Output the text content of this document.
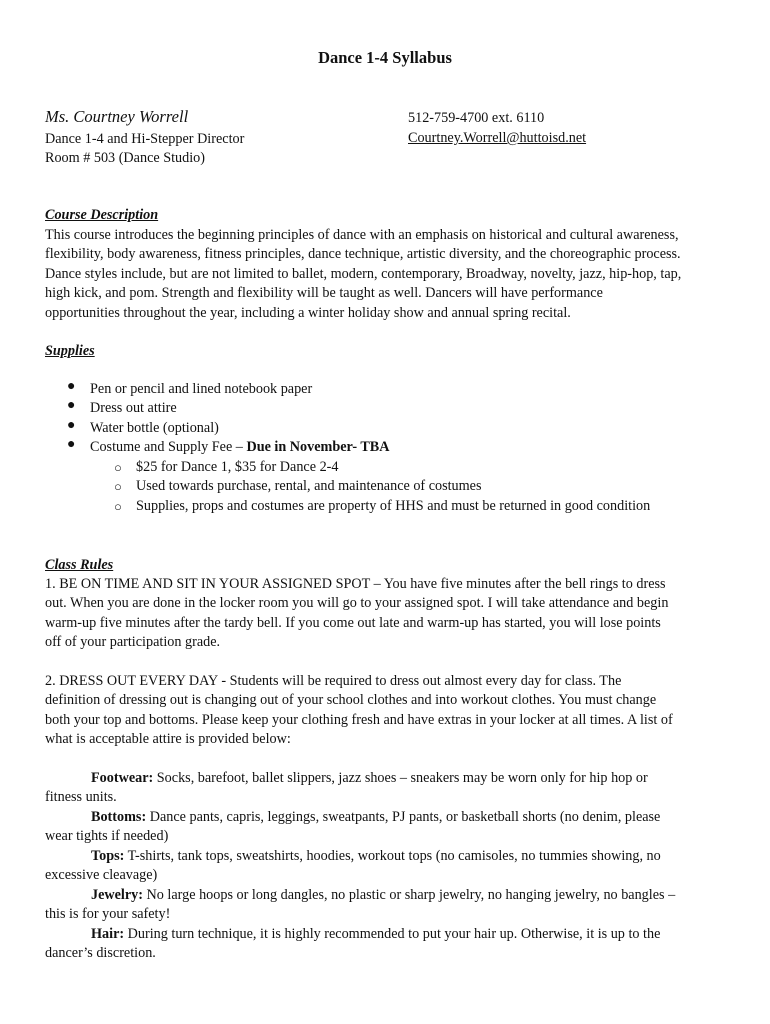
Dance 1-4 Syllabus
Ms. Courtney Worrell	512-759-4700 ext. 6110
Dance 1-4 and Hi-Stepper Director	Courtney.Worrell@huttoisd.net
Room # 503 (Dance Studio)
Course Description
This course introduces the beginning principles of dance with an emphasis on historical and cultural awareness,
flexibility, body awareness, fitness principles, dance technique, artistic diversity, and the choreographic process.
Dance styles include, but are not limited to ballet, modern, contemporary, Broadway, novelty, jazz, hip-hop, tap,
high kick, and pom. Strength and flexibility will be taught as well. Dancers will have performance
opportunities throughout the year, including a winter holiday show and annual spring recital.
Supplies
● Pen or pencil and lined notebook paper
● Dress out attire
● Water bottle (optional)
● Costume and Supply Fee – Due in November- TBA
○ $25 for Dance 1, $35 for Dance 2-4
○ Used towards purchase, rental, and maintenance of costumes
○ Supplies, props and costumes are property of HHS and must be returned in good condition
Class Rules
1. BE ON TIME AND SIT IN YOUR ASSIGNED SPOT – You have five minutes after the bell rings to dress
out. When you are done in the locker room you will go to your assigned spot. I will take attendance and begin
warm-up five minutes after the tardy bell. If you come out late and warm-up has started, you will lose points
off of your participation grade.
2. DRESS OUT EVERY DAY - Students will be required to dress out almost every day for class. The
definition of dressing out is changing out of your school clothes and into workout clothes. You must change
both your top and bottoms. Please keep your clothing fresh and have extras in your locker at all times. A list of
what is acceptable attire is provided below:
Footwear: Socks, barefoot, ballet slippers, jazz shoes – sneakers may be worn only for hip hop or
fitness units.
Bottoms: Dance pants, capris, leggings, sweatpants, PJ pants, or basketball shorts (no denim, please
wear tights if needed)
Tops: T-shirts, tank tops, sweatshirts, hoodies, workout tops (no camisoles, no tummies showing, no
excessive cleavage)
Jewelry: No large hoops or long dangles, no plastic or sharp jewelry, no hanging jewelry, no bangles –
this is for your safety!
Hair: During turn technique, it is highly recommended to put your hair up. Otherwise, it is up to the
dancer’s discretion.
